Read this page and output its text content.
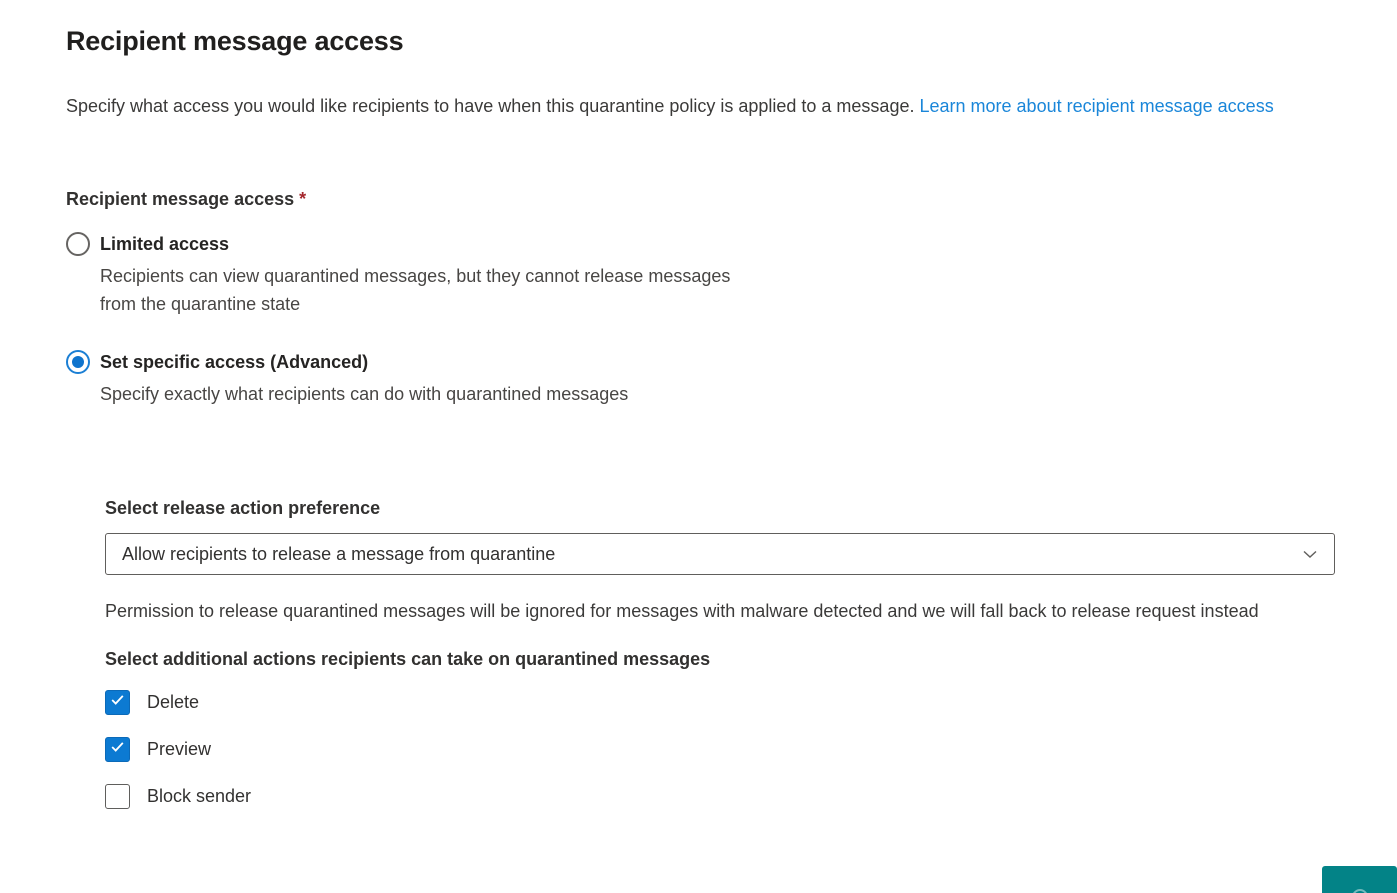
Recipient message access

Specify what access you would like recipients to have when this quarantine policy is applied to a message. Learn more about recipient message access

Recipient message access *
Limited access
Recipients can view quarantined messages, but they cannot release messages from the quarantine state
Set specific access (Advanced)
Specify exactly what recipients can do with quarantined messages
Select release action preference
Allow recipients to release a message from quarantine
Permission to release quarantined messages will be ignored for messages with malware detected and we will fall back to release request instead
Select additional actions recipients can take on quarantined messages
Delete
Preview
Block sender
